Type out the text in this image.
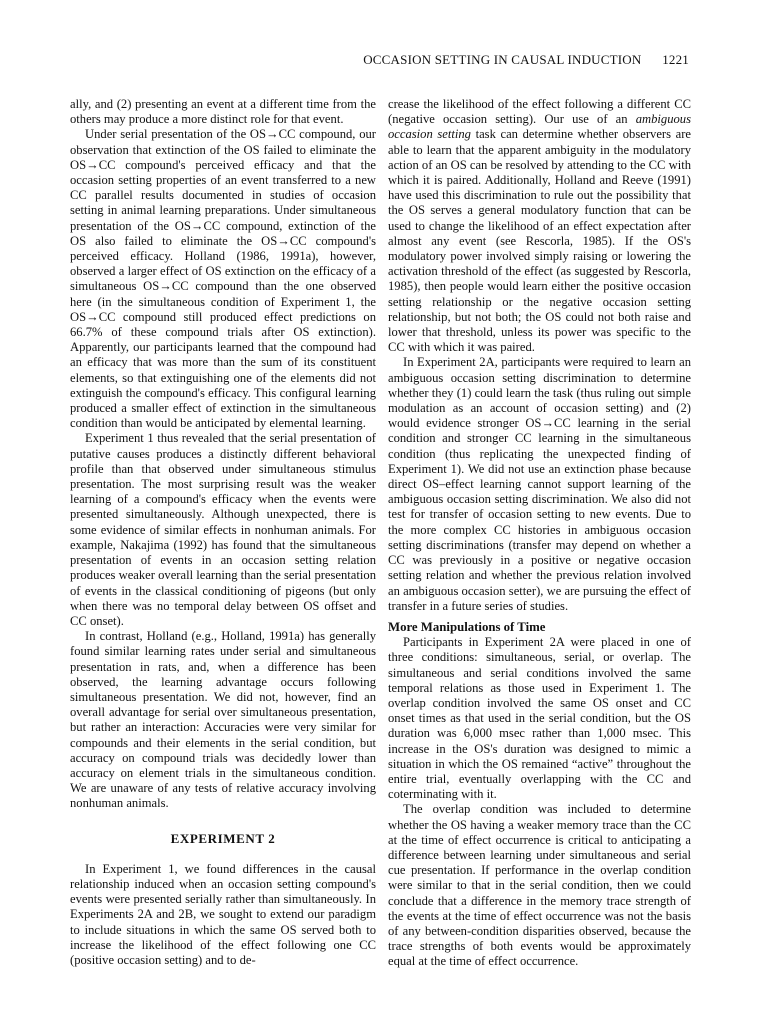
OCCASION SETTING IN CAUSAL INDUCTION 1221

ally, and (2) presenting an event at a different time from the others may produce a more distinct role for that event.

Under serial presentation of the OS→CC compound, our observation that extinction of the OS failed to eliminate the OS→CC compound's perceived efficacy and that the occasion setting properties of an event transferred to a new CC parallel results documented in studies of occasion setting in animal learning preparations. Under simultaneous presentation of the OS→CC compound, extinction of the OS also failed to eliminate the OS→CC compound's perceived efficacy. Holland (1986, 1991a), however, observed a larger effect of OS extinction on the efficacy of a simultaneous OS→CC compound than the one observed here (in the simultaneous condition of Experiment 1, the OS→CC compound still produced effect predictions on 66.7% of these compound trials after OS extinction). Apparently, our participants learned that the compound had an efficacy that was more than the sum of its constituent elements, so that extinguishing one of the elements did not extinguish the compound's efficacy. This configural learning produced a smaller effect of extinction in the simultaneous condition than would be anticipated by elemental learning.

Experiment 1 thus revealed that the serial presentation of putative causes produces a distinctly different behavioral profile than that observed under simultaneous stimulus presentation. The most surprising result was the weaker learning of a compound's efficacy when the events were presented simultaneously. Although unexpected, there is some evidence of similar effects in nonhuman animals. For example, Nakajima (1992) has found that the simultaneous presentation of events in an occasion setting relation produces weaker overall learning than the serial presentation of events in the classical conditioning of pigeons (but only when there was no temporal delay between OS offset and CC onset).

In contrast, Holland (e.g., Holland, 1991a) has generally found similar learning rates under serial and simultaneous presentation in rats, and, when a difference has been observed, the learning advantage occurs following simultaneous presentation. We did not, however, find an overall advantage for serial over simultaneous presentation, but rather an interaction: Accuracies were very similar for compounds and their elements in the serial condition, but accuracy on compound trials was decidedly lower than accuracy on element trials in the simultaneous condition. We are unaware of any tests of relative accuracy involving nonhuman animals.

EXPERIMENT 2

In Experiment 1, we found differences in the causal relationship induced when an occasion setting compound's events were presented serially rather than simultaneously. In Experiments 2A and 2B, we sought to extend our paradigm to include situations in which the same OS served both to increase the likelihood of the effect following one CC (positive occasion setting) and to de-

crease the likelihood of the effect following a different CC (negative occasion setting). Our use of an ambiguous occasion setting task can determine whether observers are able to learn that the apparent ambiguity in the modulatory action of an OS can be resolved by attending to the CC with which it is paired. Additionally, Holland and Reeve (1991) have used this discrimination to rule out the possibility that the OS serves a general modulatory function that can be used to change the likelihood of an effect expectation after almost any event (see Rescorla, 1985). If the OS's modulatory power involved simply raising or lowering the activation threshold of the effect (as suggested by Rescorla, 1985), then people would learn either the positive occasion setting relationship or the negative occasion setting relationship, but not both; the OS could not both raise and lower that threshold, unless its power was specific to the CC with which it was paired.

In Experiment 2A, participants were required to learn an ambiguous occasion setting discrimination to determine whether they (1) could learn the task (thus ruling out simple modulation as an account of occasion setting) and (2) would evidence stronger OS→CC learning in the serial condition and stronger CC learning in the simultaneous condition (thus replicating the unexpected finding of Experiment 1). We did not use an extinction phase because direct OS–effect learning cannot support learning of the ambiguous occasion setting discrimination. We also did not test for transfer of occasion setting to new events. Due to the more complex CC histories in ambiguous occasion setting discriminations (transfer may depend on whether a CC was previously in a positive or negative occasion setting relation and whether the previous relation involved an ambiguous occasion setter), we are pursuing the effect of transfer in a future series of studies.

More Manipulations of Time

Participants in Experiment 2A were placed in one of three conditions: simultaneous, serial, or overlap. The simultaneous and serial conditions involved the same temporal relations as those used in Experiment 1. The overlap condition involved the same OS onset and CC onset times as that used in the serial condition, but the OS duration was 6,000 msec rather than 1,000 msec. This increase in the OS's duration was designed to mimic a situation in which the OS remained “active” throughout the entire trial, eventually overlapping with the CC and coterminating with it.

The overlap condition was included to determine whether the OS having a weaker memory trace than the CC at the time of effect occurrence is critical to anticipating a difference between learning under simultaneous and serial cue presentation. If performance in the overlap condition were similar to that in the serial condition, then we could conclude that a difference in the memory trace strength of the events at the time of effect occurrence was not the basis of any between-condition disparities observed, because the trace strengths of both events would be approximately equal at the time of effect occurrence.
